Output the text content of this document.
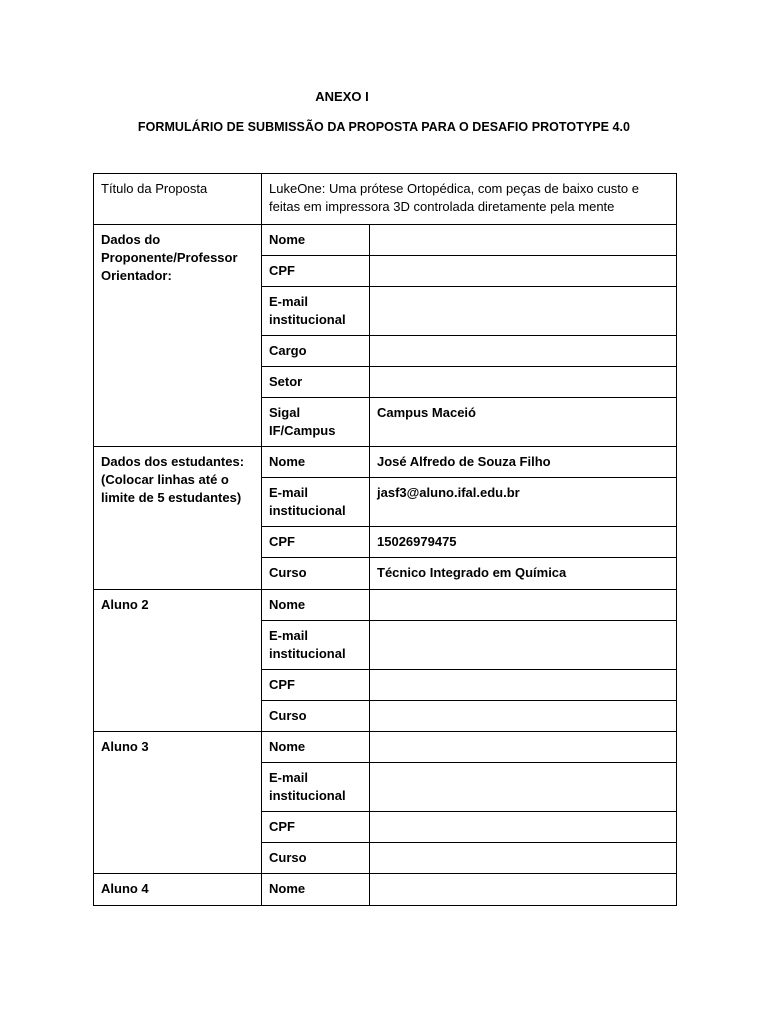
ANEXO I
FORMULÁRIO DE SUBMISSÃO DA PROPOSTA PARA O DESAFIO PROTOTYPE 4.0
Título da Proposta	LukeOne: Uma prótese Ortopédica, com peças de baixo custo e feitas em impressora 3D controlada diretamente pela mente	
Dados do Proponente/Professor Orientador:	Nome	
	CPF	
	E-mail institucional	
	Cargo	
	Setor	
	Sigal IF/Campus	Campus Maceió
Dados dos estudantes: (Colocar linhas até o limite de 5 estudantes)	Nome	José Alfredo de Souza Filho
	E-mail institucional	jasf3@aluno.ifal.edu.br
	CPF	15026979475
	Curso	Técnico Integrado em Química
Aluno 2	Nome	
	E-mail institucional	
	CPF	
	Curso	
Aluno 3	Nome	
	E-mail institucional	
	CPF	
	Curso	
Aluno 4	Nome	
